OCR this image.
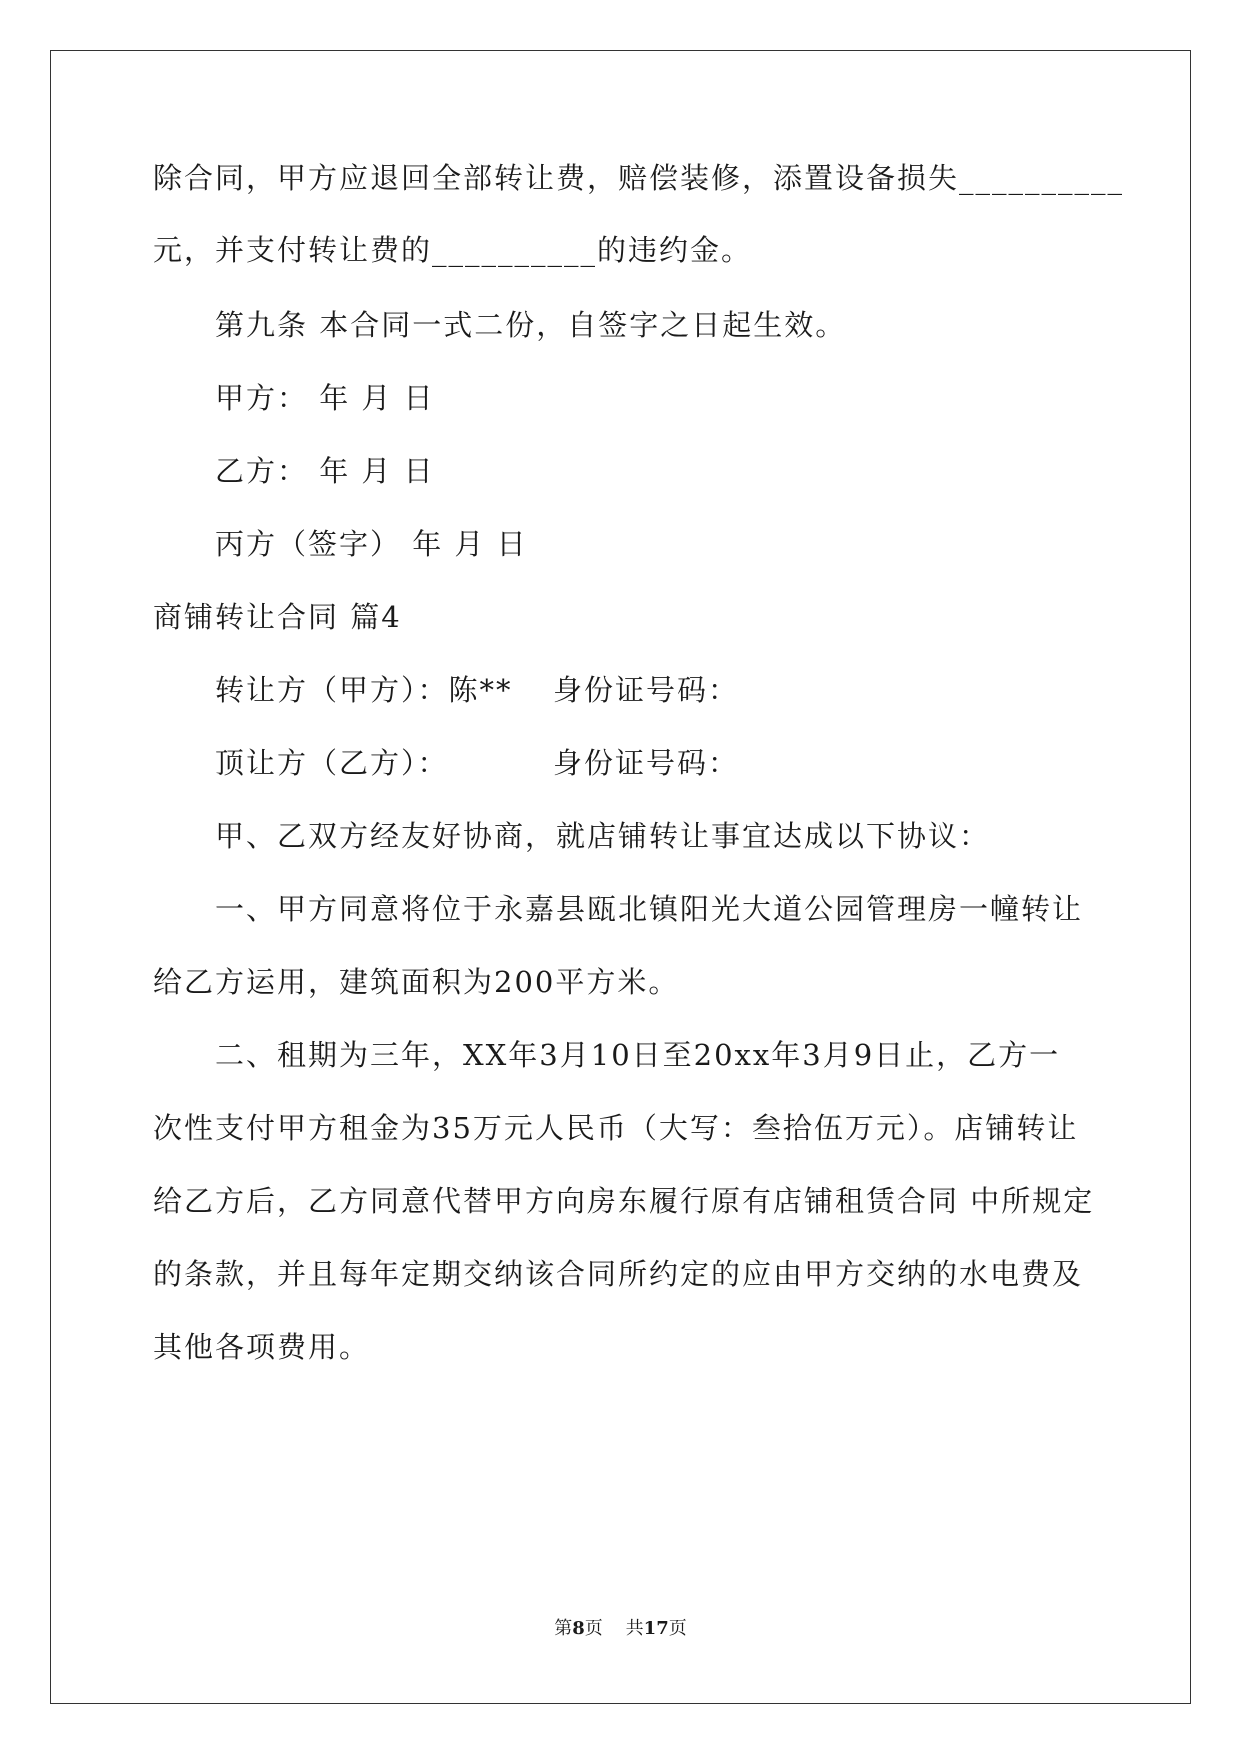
除合同，甲方应退回全部转让费，赔偿装修，添置设备损失__________
元，并支付转让费的__________的违约金。
第九条 本合同一式二份，自签字之日起生效。
甲方： 年 月 日
乙方： 年 月 日
丙方（签字） 年 月 日
商铺转让合同 篇4
转让方（甲方）：陈** 身份证号码：
顶让方（乙方）：	身份证号码：
甲、乙双方经友好协商，就店铺转让事宜达成以下协议：
一、甲方同意将位于永嘉县瓯北镇阳光大道公园管理房一幢转让
给乙方运用，建筑面积为200平方米。
二、租期为三年，XX年3月10日至20xx年3月9日止，乙方一
次性支付甲方租金为35万元人民币（大写：叁拾伍万元）。店铺转让
给乙方后，乙方同意代替甲方向房东履行原有店铺租赁合同 中所规定
的条款，并且每年定期交纳该合同所约定的应由甲方交纳的水电费及
其他各项费用。
第8页 共17页
